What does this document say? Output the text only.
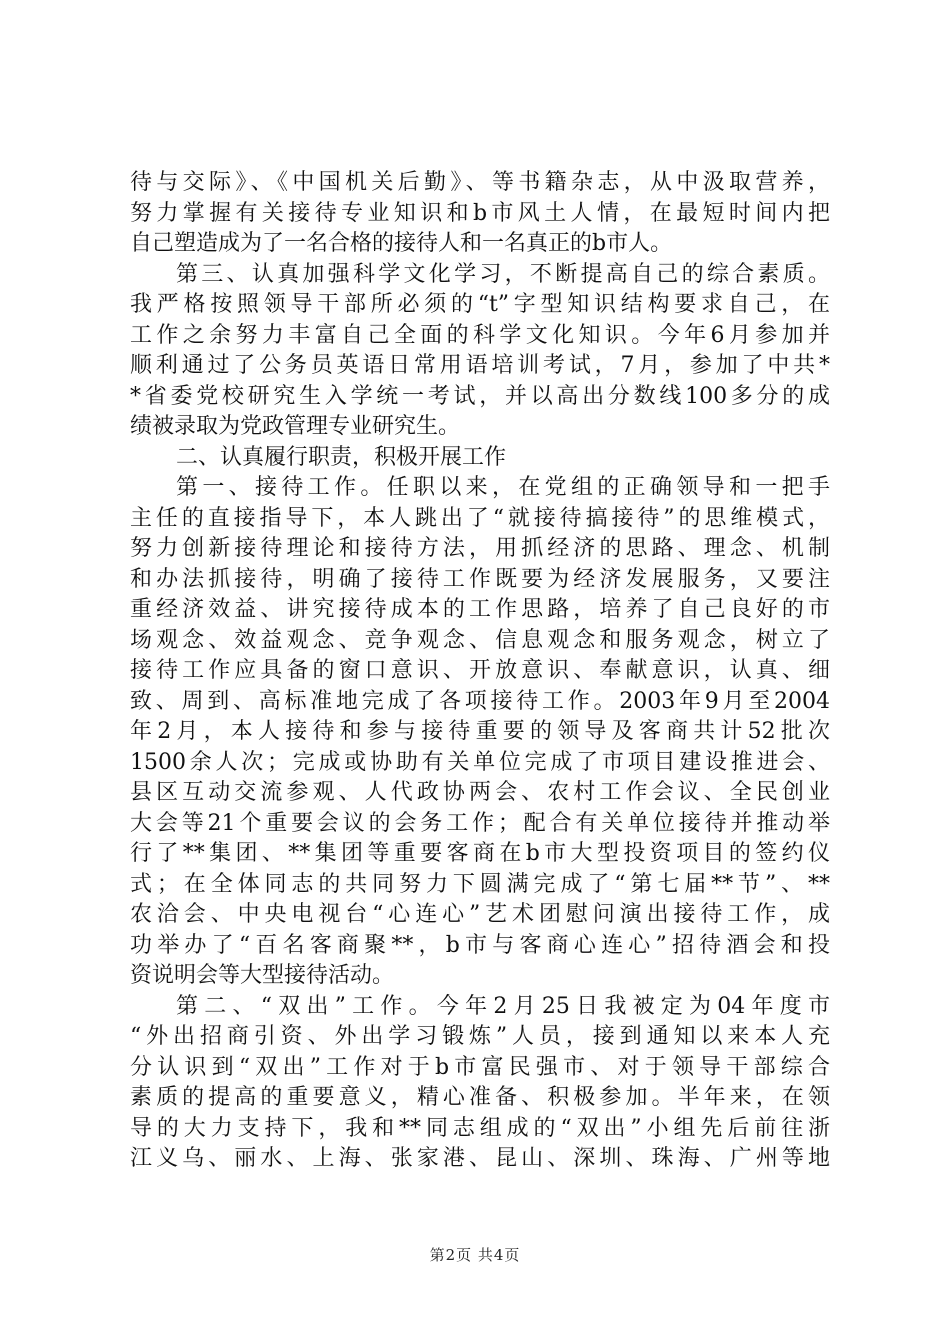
待与交际》、《中国机关后勤》、等书籍杂志，从中汲取营养，
努力掌握有关接待专业知识和b市风土人情，在最短时间内把
自己塑造成为了一名合格的接待人和一名真正的b市人。
第三、认真加强科学文化学习，不断提高自己的综合素质。
我严格按照领导干部所必须的“t”字型知识结构要求自己，在
工作之余努力丰富自己全面的科学文化知识。今年6月参加并
顺利通过了公务员英语日常用语培训考试，7月，参加了中共*
*省委党校研究生入学统一考试，并以高出分数线100多分的成
绩被录取为党政管理专业研究生。
二、认真履行职责，积极开展工作
第一、接待工作。任职以来，在党组的正确领导和一把手
主任的直接指导下，本人跳出了“就接待搞接待”的思维模式，
努力创新接待理论和接待方法，用抓经济的思路、理念、机制
和办法抓接待，明确了接待工作既要为经济发展服务，又要注
重经济效益、讲究接待成本的工作思路，培养了自己良好的市
场观念、效益观念、竞争观念、信息观念和服务观念，树立了
接待工作应具备的窗口意识、开放意识、奉献意识，认真、细
致、周到、高标准地完成了各项接待工作。2003年9月至2004
年2月，本人接待和参与接待重要的领导及客商共计52批次
1500余人次；完成或协助有关单位完成了市项目建设推进会、
县区互动交流参观、人代政协两会、农村工作会议、全民创业
大会等21个重要会议的会务工作；配合有关单位接待并推动举
行了**集团、**集团等重要客商在b市大型投资项目的签约仪
式；在全体同志的共同努力下圆满完成了“第七届**节”、**
农洽会、中央电视台“心连心”艺术团慰问演出接待工作，成
功举办了“百名客商聚**，b市与客商心连心”招待酒会和投
资说明会等大型接待活动。
第二、“双出”工作。今年2月25日我被定为04年度市
“外出招商引资、外出学习锻炼”人员，接到通知以来本人充
分认识到“双出”工作对于b市富民强市、对于领导干部综合
素质的提高的重要意义，精心准备、积极参加。半年来，在领
导的大力支持下，我和**同志组成的“双出”小组先后前往浙
江义乌、丽水、上海、张家港、昆山、深圳、珠海、广州等地
第2页 共4页
